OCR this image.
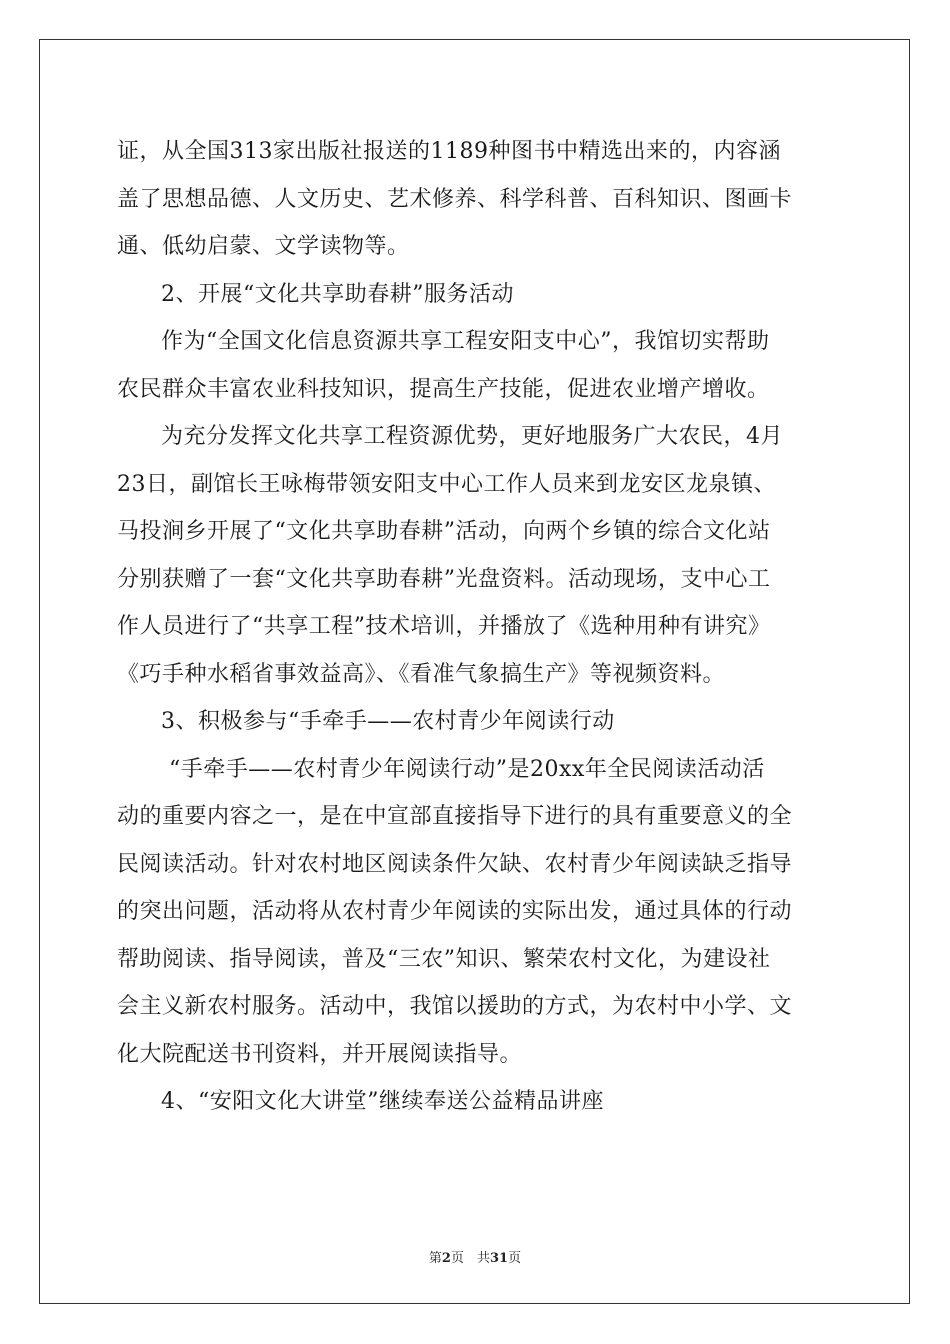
证，从全国313家出版社报送的1189种图书中精选出来的，内容涵
盖了思想品德、人文历史、艺术修养、科学科普、百科知识、图画卡
通、低幼启蒙、文学读物等。
2、开展“文化共享助春耕”服务活动
作为“全国文化信息资源共享工程安阳支中心”，我馆切实帮助
农民群众丰富农业科技知识，提高生产技能，促进农业增产增收。
为充分发挥文化共享工程资源优势，更好地服务广大农民，4月
23日，副馆长王咏梅带领安阳支中心工作人员来到龙安区龙泉镇、
马投涧乡开展了“文化共享助春耕”活动，向两个乡镇的综合文化站
分别获赠了一套“文化共享助春耕”光盘资料。活动现场，支中心工
作人员进行了“共享工程”技术培训，并播放了《选种用种有讲究》
《巧手种水稻省事效益高》、《看准气象搞生产》等视频资料。
3、积极参与“手牵手——农村青少年阅读行动
“手牵手——农村青少年阅读行动”是20xx年全民阅读活动活
动的重要内容之一，是在中宣部直接指导下进行的具有重要意义的全
民阅读活动。针对农村地区阅读条件欠缺、农村青少年阅读缺乏指导
的突出问题，活动将从农村青少年阅读的实际出发，通过具体的行动
帮助阅读、指导阅读，普及“三农”知识、繁荣农村文化，为建设社
会主义新农村服务。活动中，我馆以援助的方式，为农村中小学、文
化大院配送书刊资料，并开展阅读指导。
4、“安阳文化大讲堂”继续奉送公益精品讲座
第2页　共31页
